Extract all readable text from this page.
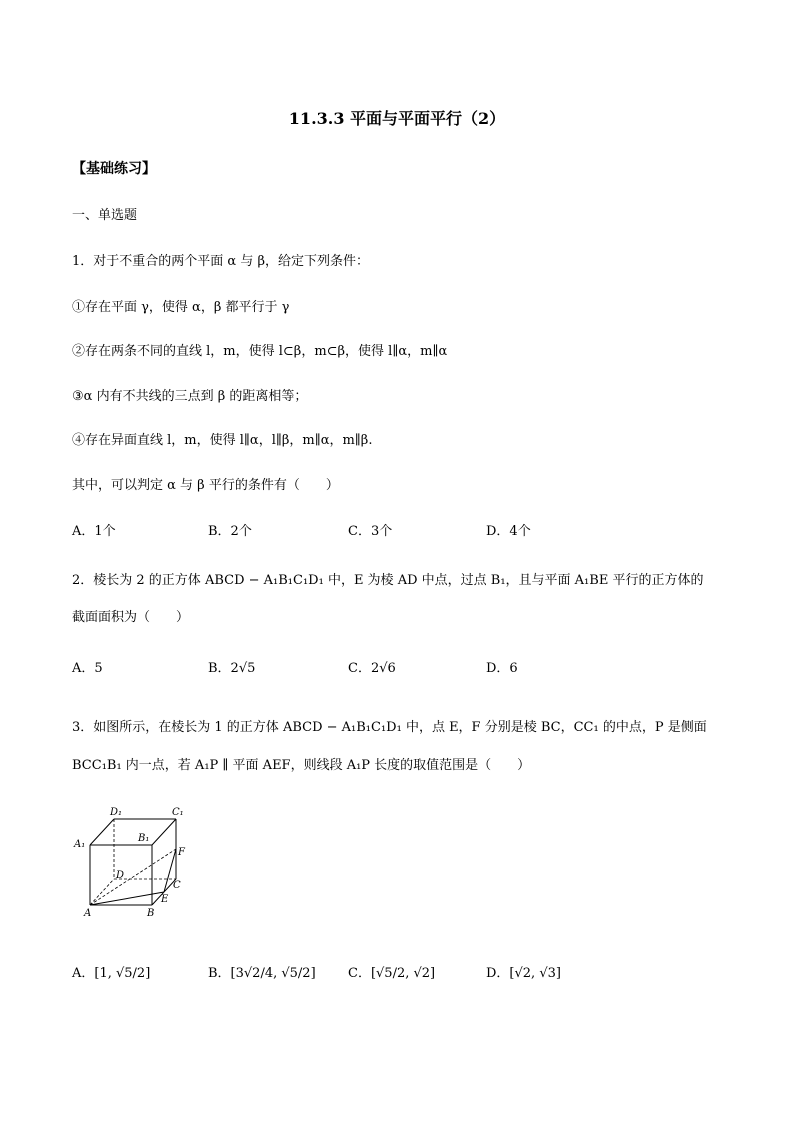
11.3.3 平面与平面平行（2）
【基础练习】
一、单选题
1．对于不重合的两个平面 α 与 β，给定下列条件：
①存在平面 γ，使得 α，β 都平行于 γ
②存在两条不同的直线 l，m，使得 l⊂β，m⊂β，使得 l∥α，m∥α
③α 内有不共线的三点到 β 的距离相等；
④存在异面直线 l，m，使得 l∥α，l∥β，m∥α，m∥β.
其中，可以判定 α 与 β 平行的条件有（　　）
A．1个	B．2个	C．3个	D．4个
2．棱长为 2 的正方体 ABCD − A₁B₁C₁D₁ 中，E 为棱 AD 中点，过点 B₁，且与平面 A₁BE 平行的正方体的
截面面积为（　　）
A．5	B．2√5	C．2√6	D．6
3．如图所示，在棱长为 1 的正方体 ABCD − A₁B₁C₁D₁ 中，点 E，F 分别是棱 BC，CC₁ 的中点，P 是侧面
BCC₁B₁ 内一点，若 A₁P ∥ 平面 AEF，则线段 A₁P 长度的取值范围是（　　）
D₁	C₁
B₁
A₁
F
D
C
E
A	B
A．[1, √5/2]	B．[3√2/4, √5/2] C．[√5/2, √2]	D．[√2, √3]
